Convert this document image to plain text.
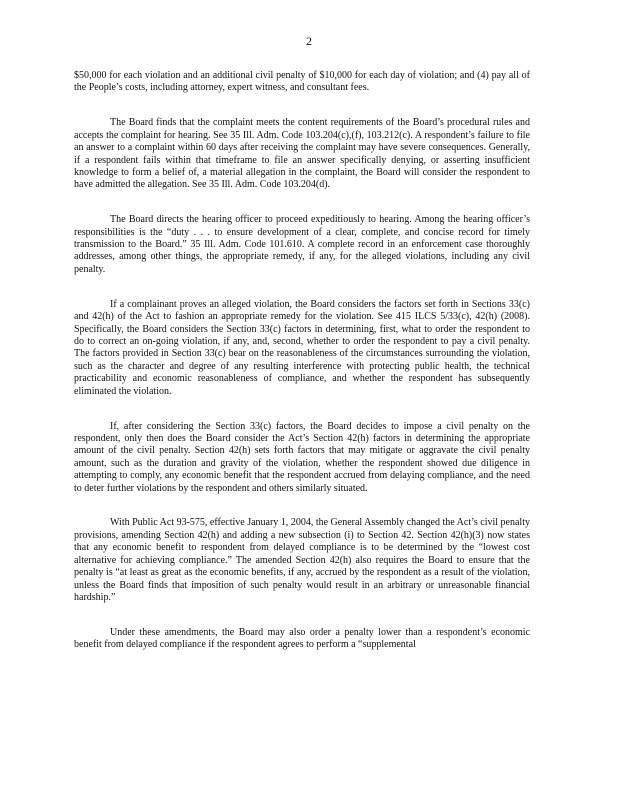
2

$50,000 for each violation and an additional civil penalty of $10,000 for each day of violation; and (4) pay all of the People’s costs, including attorney, expert witness, and consultant fees.

The Board finds that the complaint meets the content requirements of the Board’s procedural rules and accepts the complaint for hearing. See 35 Ill. Adm. Code 103.204(c),(f), 103.212(c). A respondent’s failure to file an answer to a complaint within 60 days after receiving the complaint may have severe consequences. Generally, if a respondent fails within that timeframe to file an answer specifically denying, or asserting insufficient knowledge to form a belief of, a material allegation in the complaint, the Board will consider the respondent to have admitted the allegation. See 35 Ill. Adm. Code 103.204(d).

The Board directs the hearing officer to proceed expeditiously to hearing. Among the hearing officer’s responsibilities is the “duty . . . to ensure development of a clear, complete, and concise record for timely transmission to the Board.” 35 Ill. Adm. Code 101.610. A complete record in an enforcement case thoroughly addresses, among other things, the appropriate remedy, if any, for the alleged violations, including any civil penalty.

If a complainant proves an alleged violation, the Board considers the factors set forth in Sections 33(c) and 42(h) of the Act to fashion an appropriate remedy for the violation. See 415 ILCS 5/33(c), 42(h) (2008). Specifically, the Board considers the Section 33(c) factors in determining, first, what to order the respondent to do to correct an on-going violation, if any, and, second, whether to order the respondent to pay a civil penalty. The factors provided in Section 33(c) bear on the reasonableness of the circumstances surrounding the violation, such as the character and degree of any resulting interference with protecting public health, the technical practicability and economic reasonableness of compliance, and whether the respondent has subsequently eliminated the violation.

If, after considering the Section 33(c) factors, the Board decides to impose a civil penalty on the respondent, only then does the Board consider the Act’s Section 42(h) factors in determining the appropriate amount of the civil penalty. Section 42(h) sets forth factors that may mitigate or aggravate the civil penalty amount, such as the duration and gravity of the violation, whether the respondent showed due diligence in attempting to comply, any economic benefit that the respondent accrued from delaying compliance, and the need to deter further violations by the respondent and others similarly situated.

With Public Act 93-575, effective January 1, 2004, the General Assembly changed the Act’s civil penalty provisions, amending Section 42(h) and adding a new subsection (i) to Section 42. Section 42(h)(3) now states that any economic benefit to respondent from delayed compliance is to be determined by the “lowest cost alternative for achieving compliance.” The amended Section 42(h) also requires the Board to ensure that the penalty is “at least as great as the economic benefits, if any, accrued by the respondent as a result of the violation, unless the Board finds that imposition of such penalty would result in an arbitrary or unreasonable financial hardship.”

Under these amendments, the Board may also order a penalty lower than a respondent’s economic benefit from delayed compliance if the respondent agrees to perform a “supplemental
